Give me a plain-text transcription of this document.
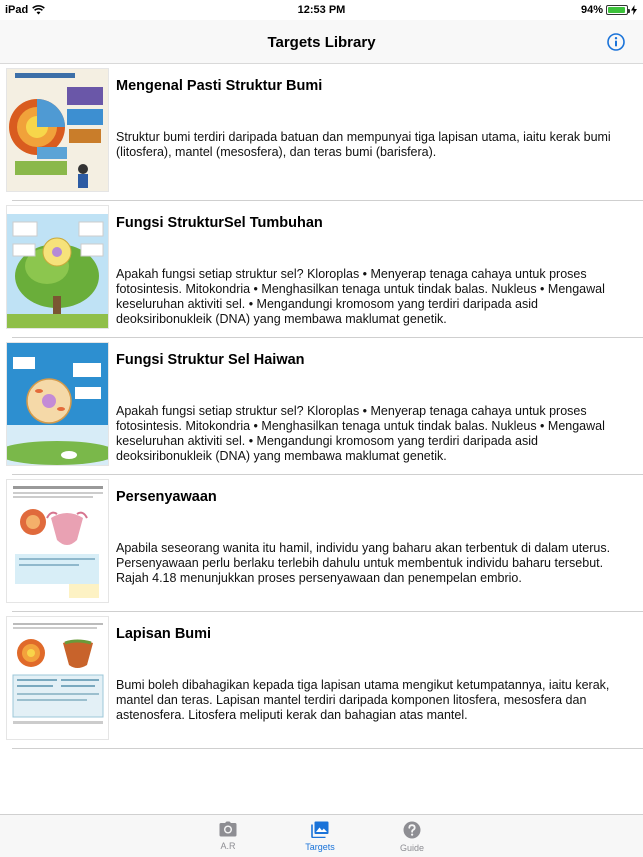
iPad	12:53 PM	94%
Targets Library
Mengenal Pasti Struktur Bumi
Struktur bumi terdiri daripada batuan dan mempunyai tiga lapisan utama, iaitu kerak bumi (litosfera), mantel (mesosfera), dan teras bumi (barisfera).
Fungsi StrukturSel Tumbuhan
Apakah fungsi setiap struktur sel? Kloroplas • Menyerap tenaga cahaya untuk proses fotosintesis. Mitokondria • Menghasilkan tenaga untuk tindak balas. Nukleus • Mengawal keseluruhan aktiviti sel. • Mengandungi kromosom yang terdiri daripada asid deoksiribonukleik (DNA) yang membawa maklumat genetik.
Fungsi Struktur Sel Haiwan
Apakah fungsi setiap struktur sel? Kloroplas • Menyerap tenaga cahaya untuk proses fotosintesis. Mitokondria • Menghasilkan tenaga untuk tindak balas. Nukleus • Mengawal keseluruhan aktiviti sel. • Mengandungi kromosom yang terdiri daripada asid deoksiribonukleik (DNA) yang membawa maklumat genetik.
Persenyawaan
Apabila seseorang wanita itu hamil, individu yang baharu akan terbentuk di dalam uterus. Persenyawaan perlu berlaku terlebih dahulu untuk membentuk individu baharu tersebut. Rajah 4.18 menunjukkan proses persenyawaan dan penempelan embrio.
Lapisan Bumi
Bumi boleh dibahagikan kepada tiga lapisan utama mengikut ketumpatannya, iaitu kerak, mantel dan teras. Lapisan mantel terdiri daripada komponen litosfera, mesosfera dan astenosfera. Litosfera meliputi kerak dan bahagian atas mantel.
A.R	Targets	Guide
